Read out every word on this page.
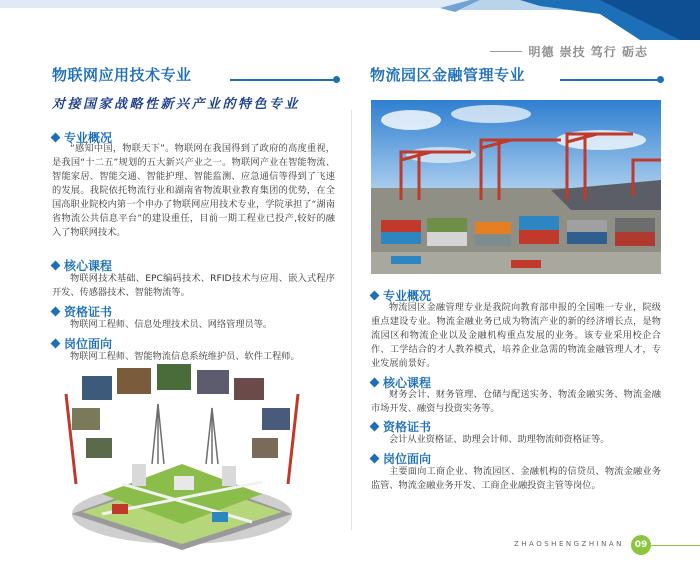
明德 崇技 笃行 砺志
物联网应用技术专业
对接国家战略性新兴产业的特色专业
专业概况
“感知中国，物联天下”。物联网在我国得到了政府的高度重视，是我国“十二五”规划的五大新兴产业之一。物联网产业在智能物流、智能家居、智能交通、智能护理、智能监测、应急通信等得到了飞速的发展。我院依托物流行业和湖南省物流职业教育集团的优势，在全国高职业院校内第一个申办了物联网应用技术专业，学院承担了“湖南省物流公共信息平台”的建设重任，目前一期工程业已投产,较好的融入了物联网技术。
核心课程
物联网技术基础、EPC编码技术、RFID技术与应用、嵌入式程序开发、传感器技术、智能物流等。
资格证书
物联网工程师、信息处理技术员、网络管理员等。
岗位面向
物联网工程师、智能物流信息系统维护员、软件工程师。
物流园区金融管理专业
专业概况
物流园区金融管理专业是我院向教育部申报的全国唯一专业，院级重点建设专业。物流金融业务已成为物流产业的新的经济增长点，是物流园区和物流企业以及金融机构重点发展的业务。该专业采用校企合作、工学结合的才人教养模式，培养企业急需的物流金融管理人才，专业发展前景好。
核心课程
财务会计、财务管理、仓储与配送实务、物流金融实务、物流金融市场开发、融资与投资实务等。
资格证书
会计从业资格证、助理会计师、助理物流师资格证等。
岗位面向
主要面向工商企业、物流园区、金融机构的信贷员、物流金融业务监管、物流金融业务开发、工商企业融投资主管等岗位。
ZHAOSHENGZHINAN	09
